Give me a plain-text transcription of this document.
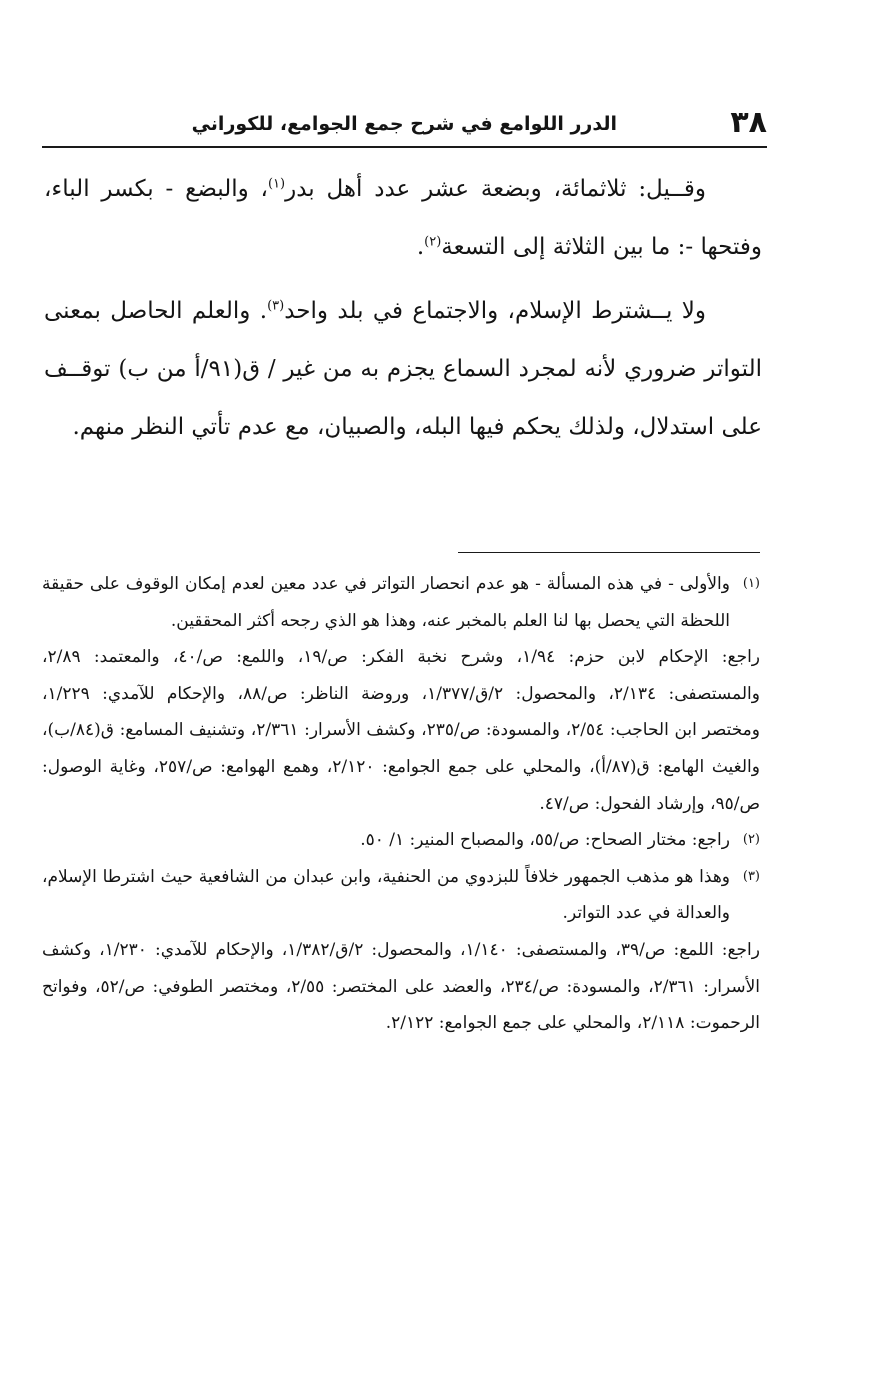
٣٨
الدرر اللوامع في شرح جمع الجوامع، للكوراني

وقــيل: ثلاثمائة، وبضعة عشر عدد أهل بدر$^{(١)}$، والبضع - بكسر الباء، وفتحها -: ما بين الثلاثة إلى التسعة$^{(٢)}$.

ولا يــشترط الإسلام، والاجتماع في بلد واحد$^{(٣)}$. والعلم الحاصل بمعنى التواتر ضروري لأنه لمجرد السماع يجزم به من غير / ق(٩١/أ من ب) توقــف على استدلال، ولذلك يحكم فيها البله، والصبيان، مع عدم تأتي النظر منهم.

(١)
والأولى - في هذه المسألة - هو عدم انحصار التواتر في عدد معين لعدم إمكان الوقوف على حقيقة اللحظة التي يحصل بها لنا العلم بالمخبر عنه، وهذا هو الذي رجحه أكثر المحققين.
راجع: الإحكام لابن حزم: ١/٩٤، وشرح نخبة الفكر: ص/١٩، واللمع: ص/٤٠، والمعتمد: ٢/٨٩، والمستصفى: ٢/١٣٤، والمحصول: ٢/ق/١/٣٧٧، وروضة الناظر: ص/٨٨، والإحكام للآمدي: ١/٢٢٩، ومختصر ابن الحاجب: ٢/٥٤، والمسودة: ص/٢٣٥، وكشف الأسرار: ٢/٣٦١، وتشنيف المسامع: ق(٨٤/ب)، والغيث الهامع: ق(٨٧/أ)، والمحلي على جمع الجوامع: ٢/١٢٠، وهمع الهوامع: ص/٢٥٧، وغاية الوصول: ص/٩٥، وإرشاد الفحول: ص/٤٧.
(٢)
راجع: مختار الصحاح: ص/٥٥، والمصباح المنير: ١/ ٥٠.
(٣)
وهذا هو مذهب الجمهور خلافاً للبزدوي من الحنفية، وابن عبدان من الشافعية حيث اشترطا الإسلام، والعدالة في عدد التواتر.
راجع: اللمع: ص/٣٩، والمستصفى: ١/١٤٠، والمحصول: ٢/ق/١/٣٨٢، والإحكام للآمدي: ١/٢٣٠، وكشف الأسرار: ٢/٣٦١، والمسودة: ص/٢٣٤، والعضد على المختصر: ٢/٥٥، ومختصر الطوفي: ص/٥٢، وفواتح الرحموت: ٢/١١٨، والمحلي على جمع الجوامع: ٢/١٢٢.
